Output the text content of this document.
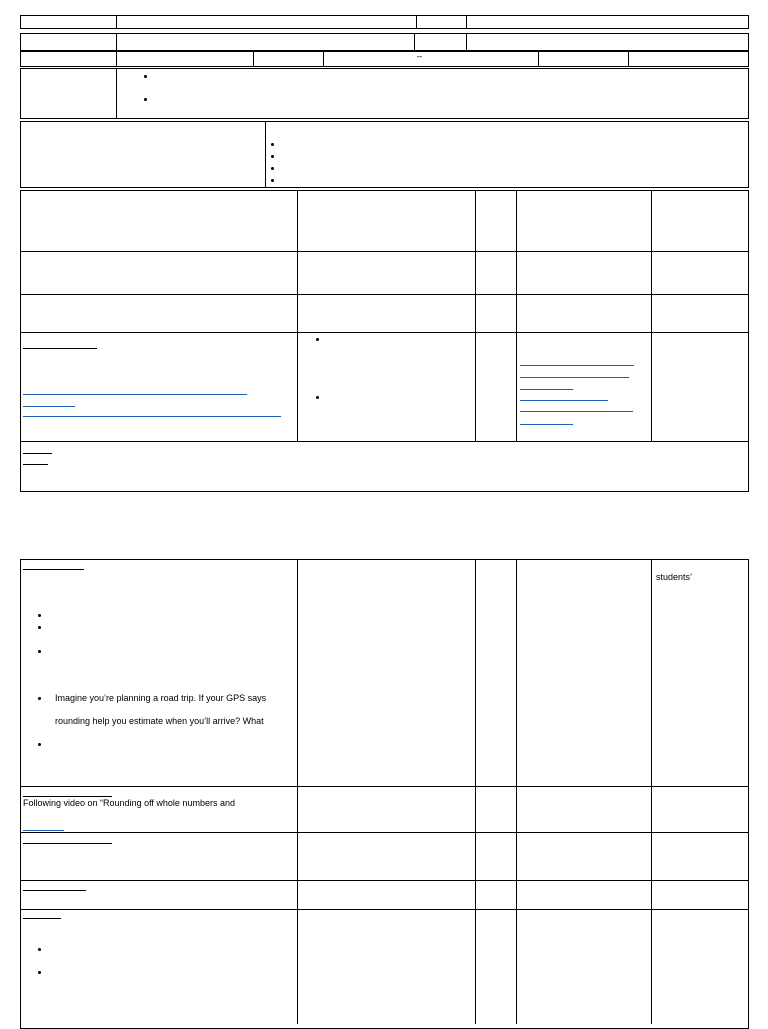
–
students’
Imagine you’re planning a road trip. If your GPS says
rounding help you estimate when you’ll arrive? What
Following video on “Rounding off whole numbers and
